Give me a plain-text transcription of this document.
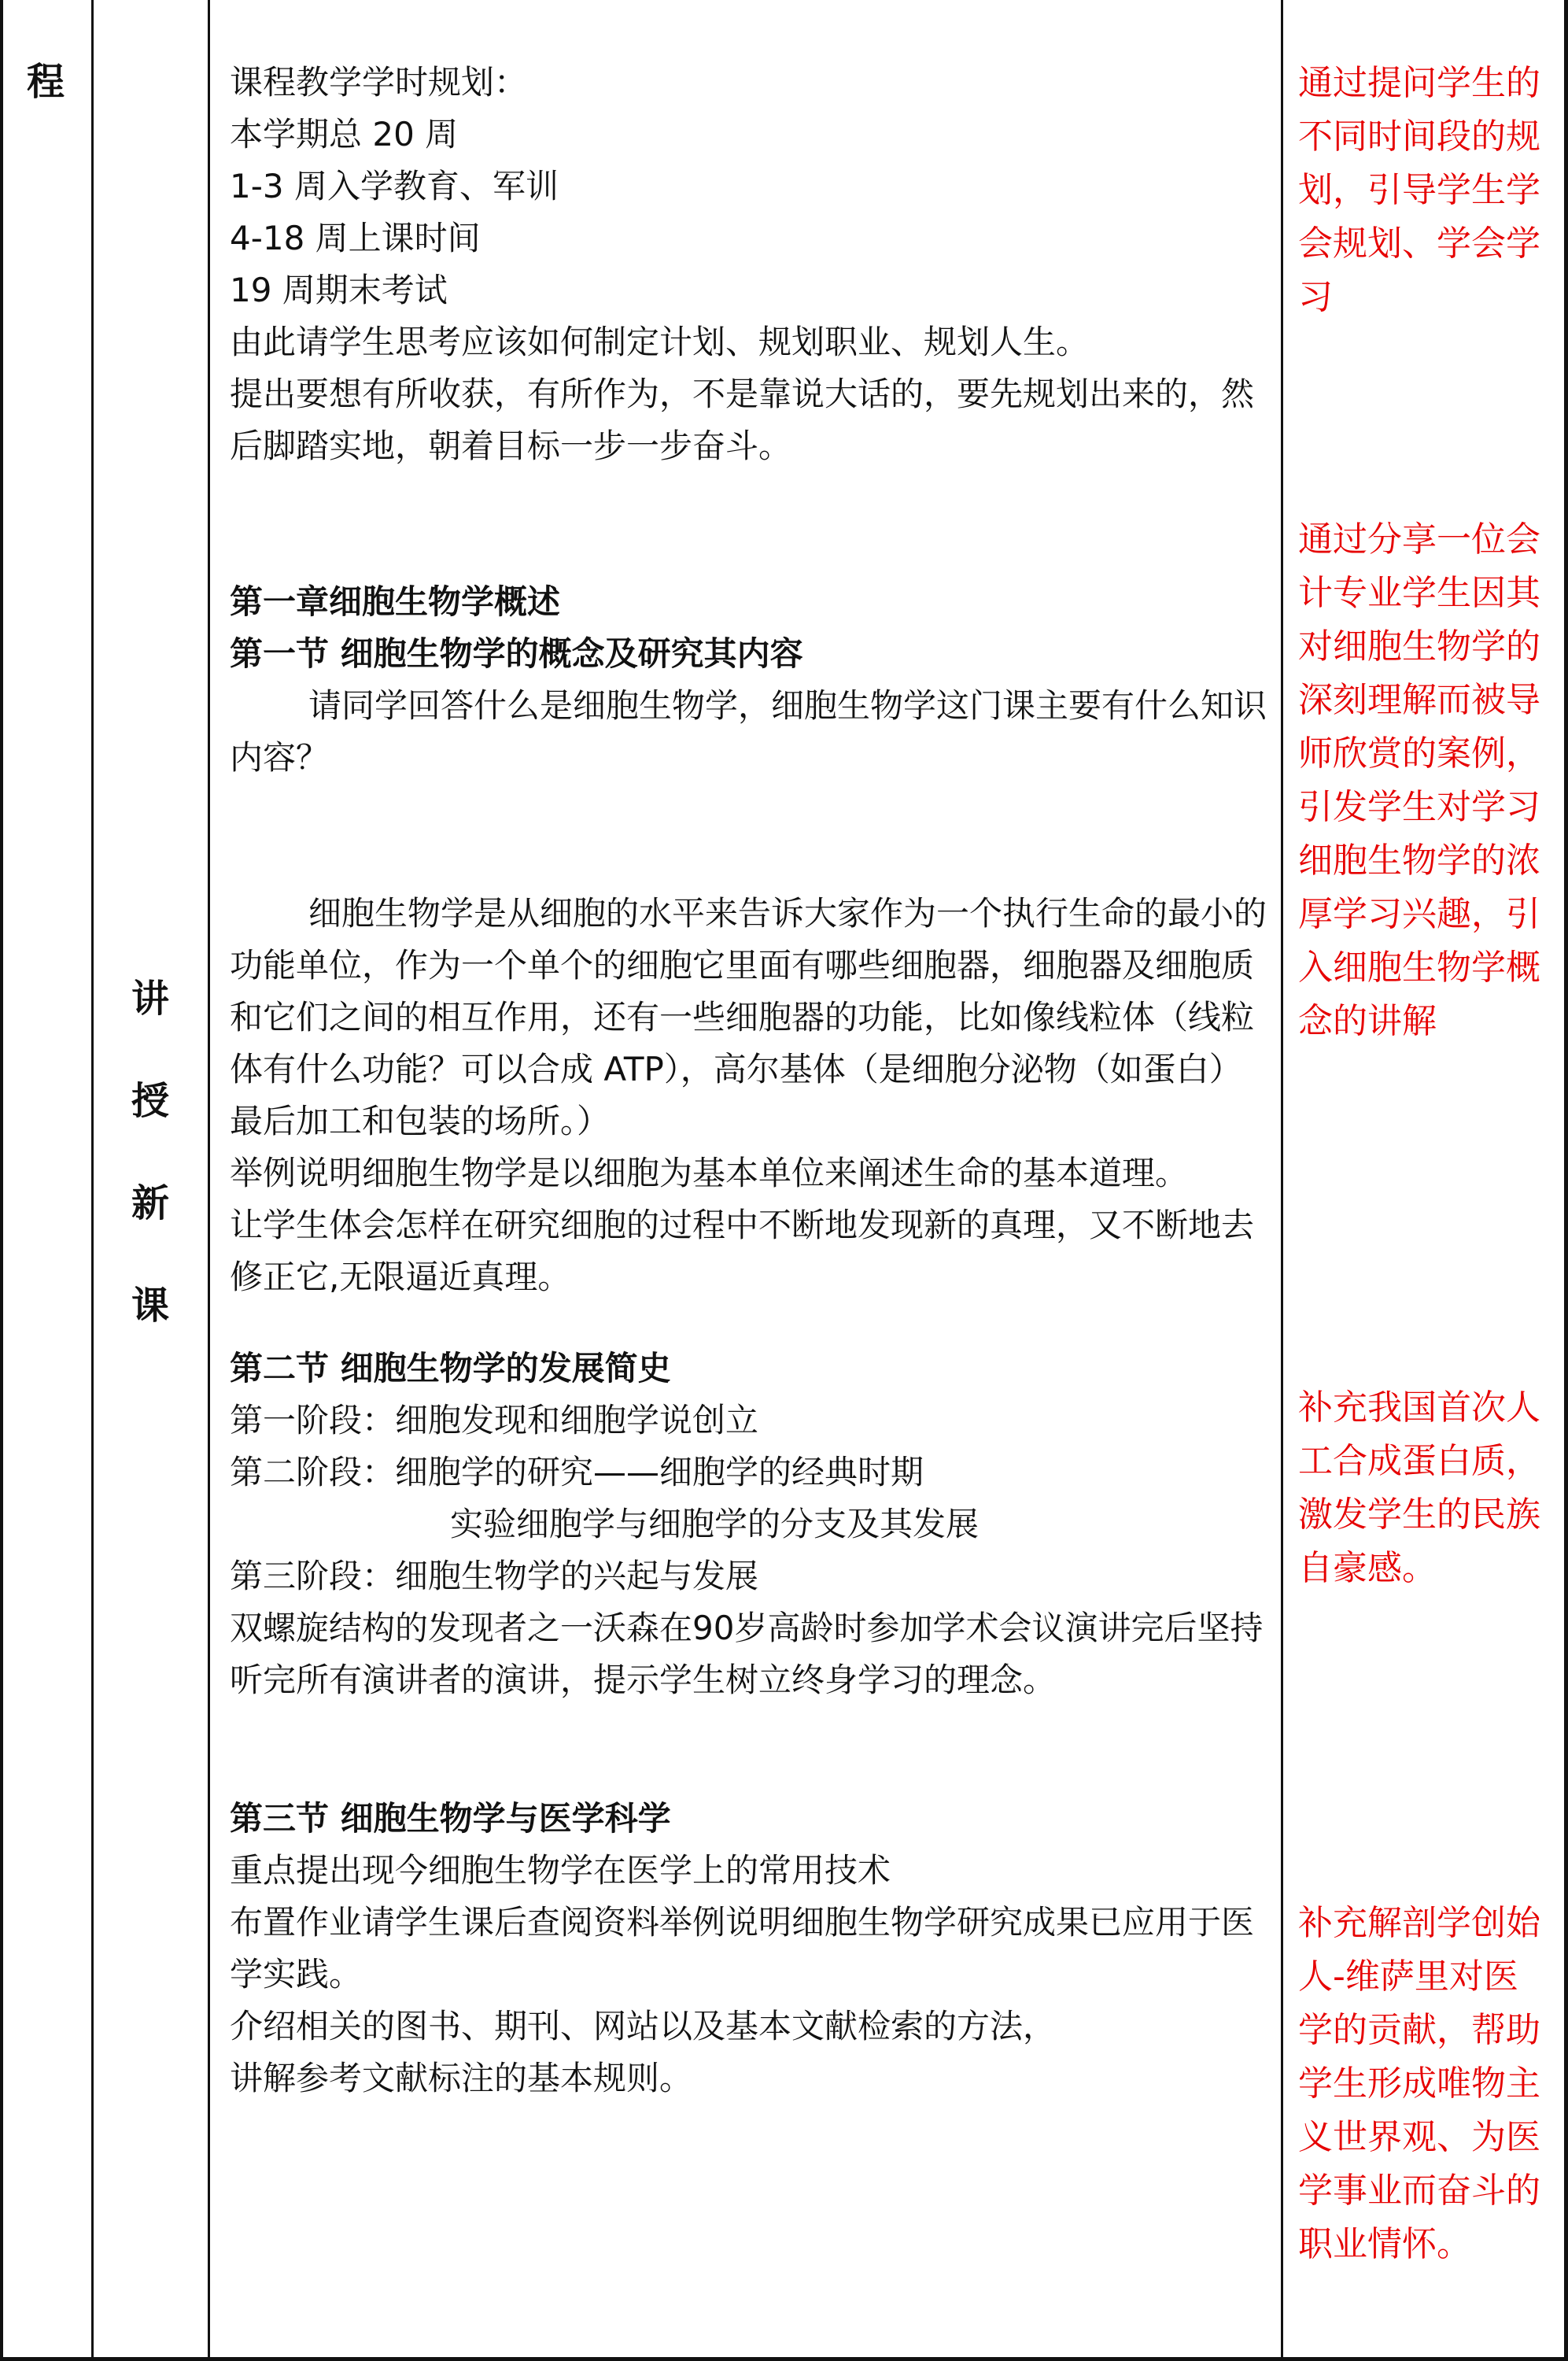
程
讲
授
新
课

课程教学学时规划：

本学期总 20 周

1-3 周入学教育、军训

4-18 周上课时间

19 周期末考试

由此请学生思考应该如何制定计划、规划职业、规划人生。

提出要想有所收获，有所作为，不是靠说大话的，要先规划出来的，然后脚踏实地，朝着目标一步一步奋斗。

第一章细胞生物学概述

第一节 细胞生物学的概念及研究其内容

请同学回答什么是细胞生物学，细胞生物学这门课主要有什么知识内容？

细胞生物学是从细胞的水平来告诉大家作为一个执行生命的最小的功能单位，作为一个单个的细胞它里面有哪些细胞器，细胞器及细胞质和它们之间的相互作用，还有一些细胞器的功能，比如像线粒体（线粒体有什么功能？可以合成 ATP），高尔基体（是细胞分泌物（如蛋白）最后加工和包装的场所。）

举例说明细胞生物学是以细胞为基本单位来阐述生命的基本道理。

让学生体会怎样在研究细胞的过程中不断地发现新的真理，又不断地去修正它,无限逼近真理。

第二节 细胞生物学的发展简史

第一阶段：细胞发现和细胞学说创立

第二阶段：细胞学的研究——细胞学的经典时期

实验细胞学与细胞学的分支及其发展

第三阶段：细胞生物学的兴起与发展

双螺旋结构的发现者之一沃森在90岁高龄时参加学术会议演讲完后坚持听完所有演讲者的演讲，提示学生树立终身学习的理念。

第三节 细胞生物学与医学科学

重点提出现今细胞生物学在医学上的常用技术

布置作业请学生课后查阅资料举例说明细胞生物学研究成果已应用于医学实践。

介绍相关的图书、期刊、网站以及基本文献检索的方法，

讲解参考文献标注的基本规则。

通过提问学生的不同时间段的规划，引导学生学会规划、学会学习
通过分享一位会计专业学生因其对细胞生物学的深刻理解而被导师欣赏的案例，引发学生对学习细胞生物学的浓厚学习兴趣，引入细胞生物学概念的讲解
补充我国首次人工合成蛋白质，激发学生的民族自豪感。
补充解剖学创始人-维萨里对医学的贡献，帮助学生形成唯物主义世界观、为医学事业而奋斗的职业情怀。
